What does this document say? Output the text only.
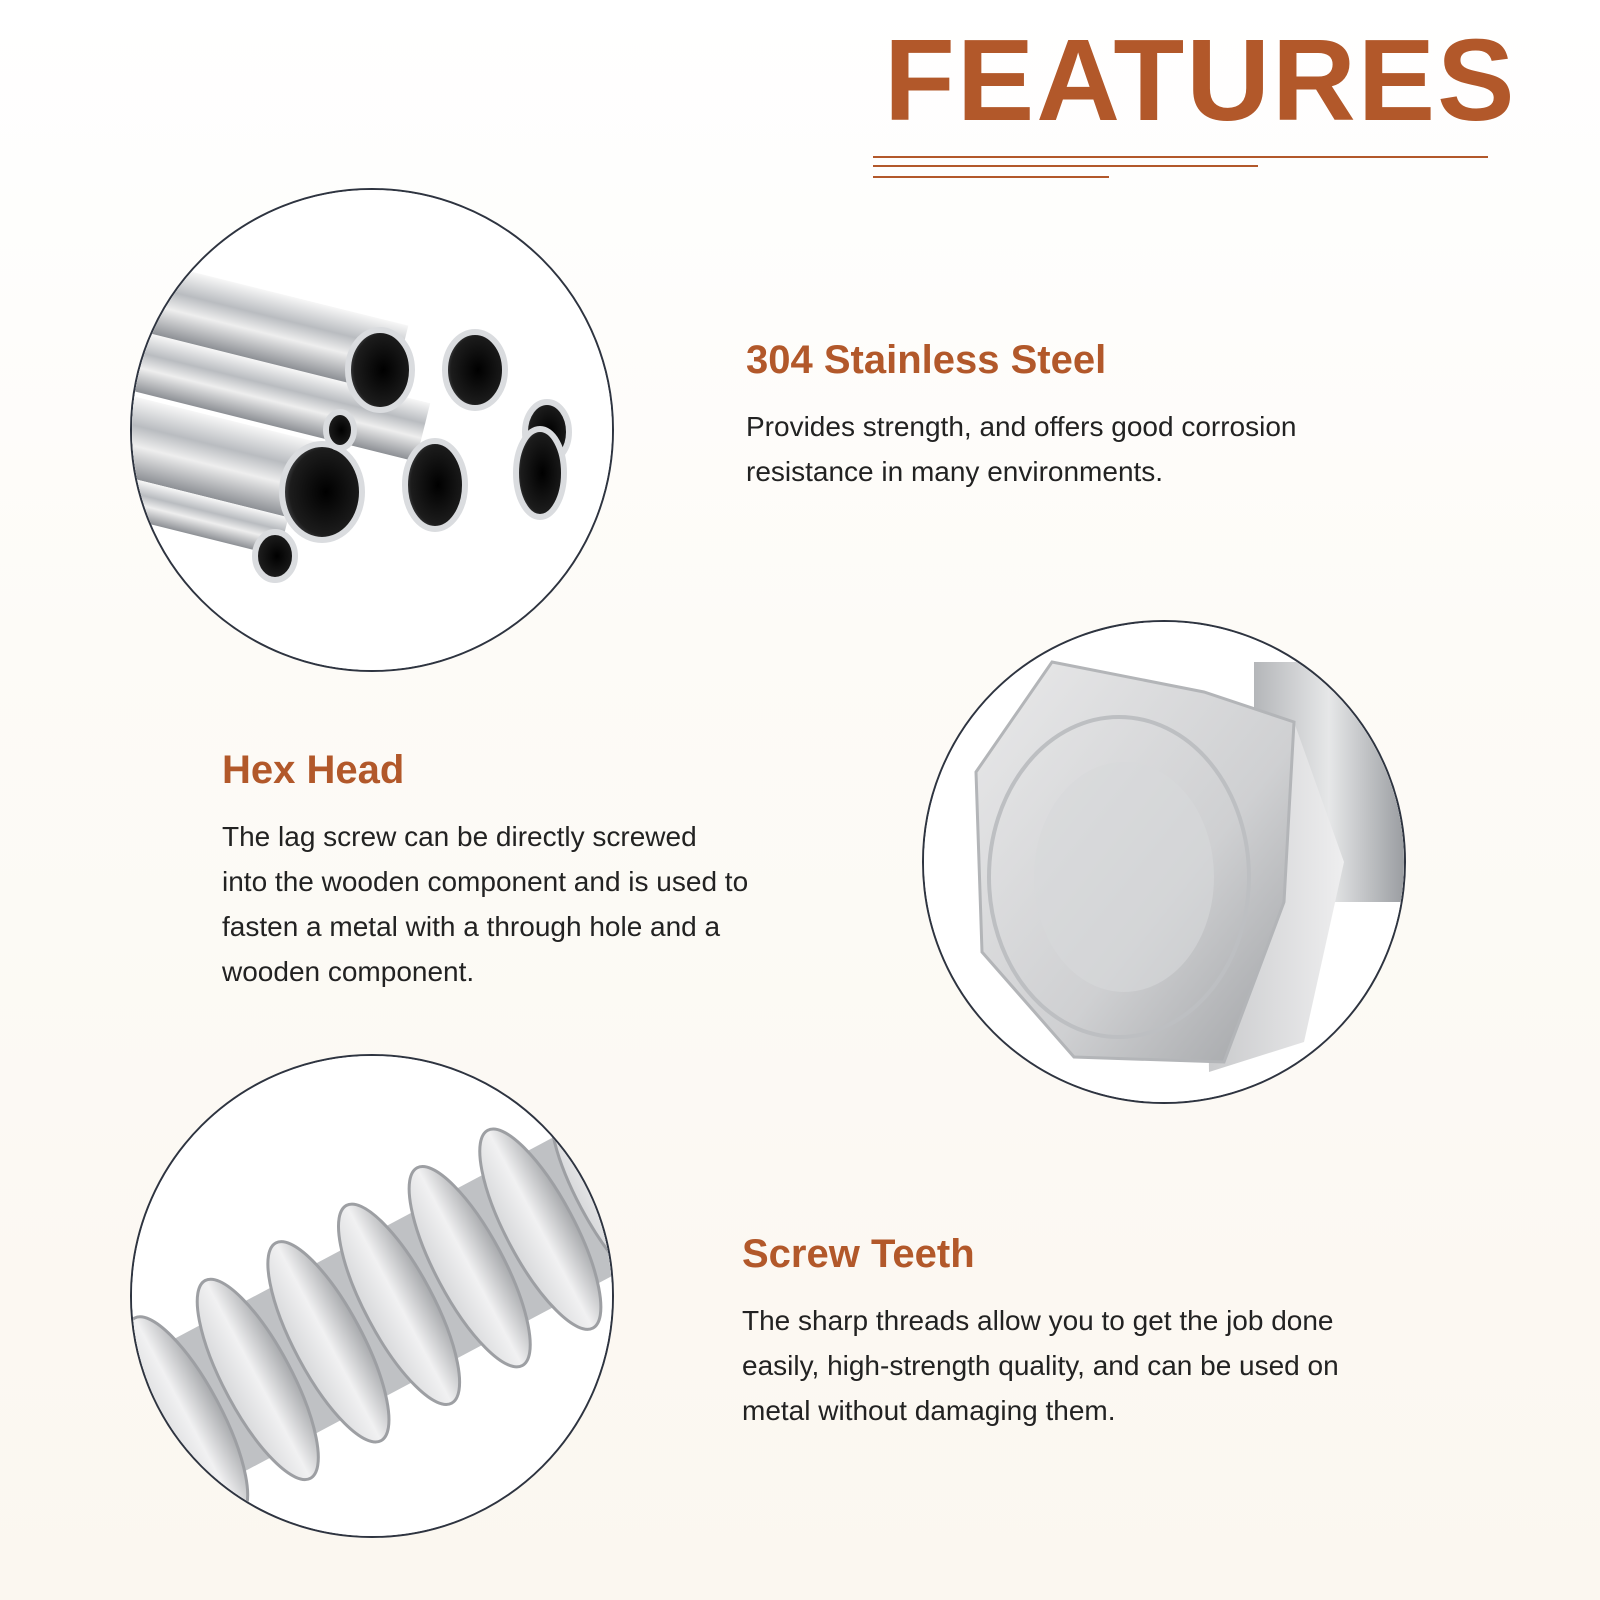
FEATURES
304 Stainless Steel

Provides strength, and offers good corrosion
resistance in many environments.

Hex Head

The lag screw can be directly screwed
into the wooden component and is used to
fasten a metal with a through hole and a
wooden component.

Screw Teeth

The sharp threads allow you to get the job done
easily, high-strength quality, and can be used on
metal without damaging them.
